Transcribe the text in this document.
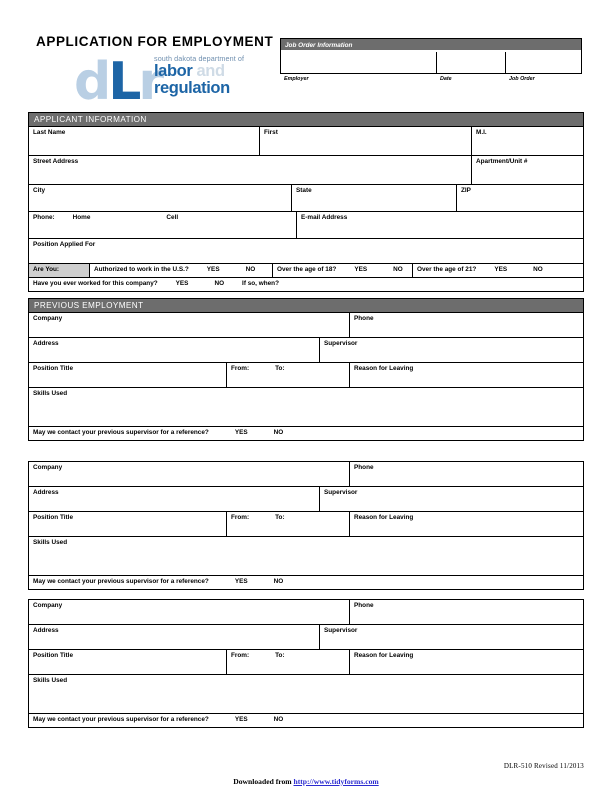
APPLICATION FOR EMPLOYMENT
dLr
south dakota department of
labor and
regulation
Job Order Information
Employer	Date	Job Order
APPLICANT INFORMATION
Last Name	First	M.I.
Street Address	Apartment/Unit #
City	State	ZIP
Phone:	Home	Cell	E-mail Address
Position Applied For
Are You:	Authorized to work in the U.S.?	YES	NO	Over the age of 18?	YES	NO	Over the age of 21?	YES	NO
Have you ever worked for this company?	YES	NO	If so, when?
PREVIOUS EMPLOYMENT
Company	Phone
Address	Supervisor
Position Title	From:	To:	Reason for Leaving
Skills Used
May we contact your previous supervisor for a reference?	YES	NO
Company	Phone
Address	Supervisor
Position Title	From:	To:	Reason for Leaving
Skills Used
May we contact your previous supervisor for a reference?	YES	NO
Company	Phone
Address	Supervisor
Position Title	From:	To:	Reason for Leaving
Skills Used
May we contact your previous supervisor for a reference?	YES	NO
DLR-510 Revised 11/2013
Downloaded from http://www.tidyforms.com
